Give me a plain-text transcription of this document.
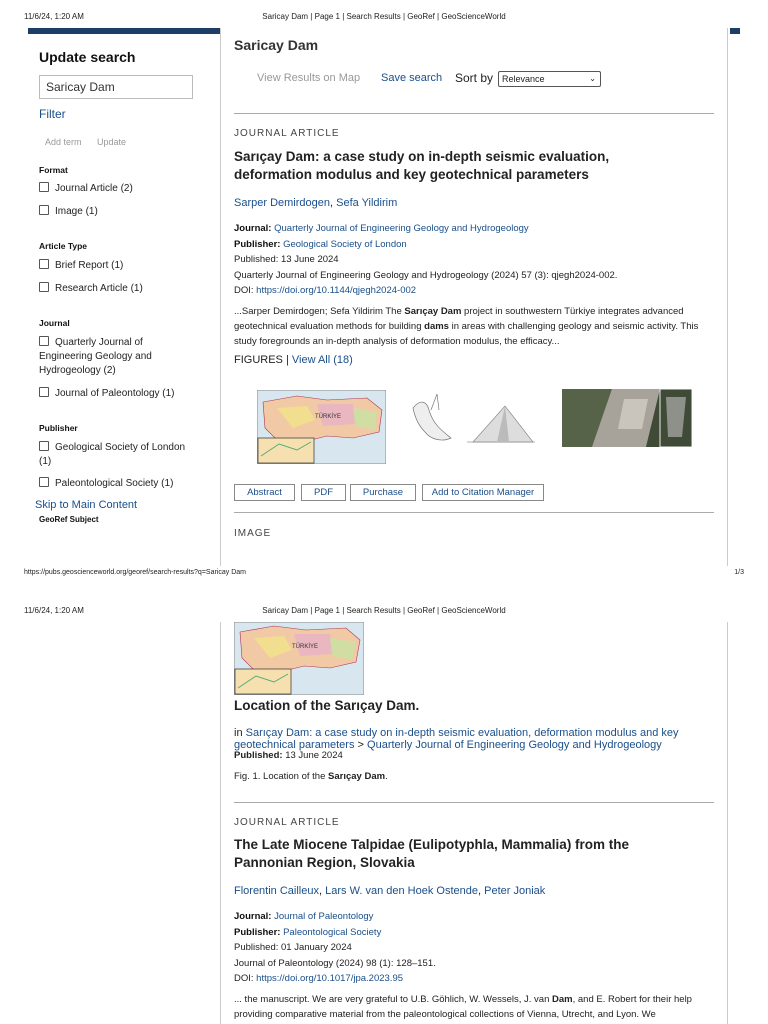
11/6/24, 1:20 AM	Saricay Dam | Page 1 | Search Results | GeoRef | GeoScienceWorld
Update search
Saricay Dam
Filter
Add term Update
Format
Journal Article (2)
Image (1)
Article Type
Brief Report (1)
Research Article (1)
Journal
Quarterly Journal of Engineering Geology and Hydrogeology (2)
Journal of Paleontology (1)
Publisher
Geological Society of London (1)
Paleontological Society (1)
Skip to Main Content
GeoRef Subject
Saricay Dam
View Results on Map Save search Sort by Relevance	⌄
JOURNAL ARTICLE
Sarıçay Dam: a case study on in-depth seismic evaluation, deformation modulus and key geotechnical parameters
Sarper Demirdogen, Sefa Yildirim
Journal: Quarterly Journal of Engineering Geology and Hydrogeology
Publisher: Geological Society of London
Published: 13 June 2024
Quarterly Journal of Engineering Geology and Hydrogeology (2024) 57 (3): qjegh2024-002.
DOI: https://doi.org/10.1144/qjegh2024-002
...Sarper Demirdogen; Sefa Yildirim The Sarıçay Dam project in southwestern Türkiye integrates advanced geotechnical evaluation methods for building dams in areas with challenging geology and seismic activity. This study foregrounds an in-depth analysis of deformation modulus, the efficacy...
FIGURES | View All (18)
TÜRKİYE
Abstract	PDF	Purchase	Add to Citation Manager
IMAGE
https://pubs.geoscienceworld.org/georef/search-results?q=Saricay Dam	1/3
11/6/24, 1:20 AM	Saricay Dam | Page 1 | Search Results | GeoRef | GeoScienceWorld
TÜRKİYE
Location of the Sarıçay Dam.
in Sarıçay Dam: a case study on in-depth seismic evaluation, deformation modulus and key geotechnical parameters > Quarterly Journal of Engineering Geology and Hydrogeology
Published: 13 June 2024
Fig. 1. Location of the Sarıçay Dam.
JOURNAL ARTICLE
The Late Miocene Talpidae (Eulipotyphla, Mammalia) from the Pannonian Region, Slovakia
Florentin Cailleux, Lars W. van den Hoek Ostende, Peter Joniak
Journal: Journal of Paleontology
Publisher: Paleontological Society
Published: 01 January 2024
Journal of Paleontology (2024) 98 (1): 128–151.
DOI: https://doi.org/10.1017/jpa.2023.95
... the manuscript. We are very grateful to U.B. Göhlich, W. Wessels, J. van Dam, and E. Robert for their help providing comparative material from the paleontological collections of Vienna, Utrecht, and Lyon. We
